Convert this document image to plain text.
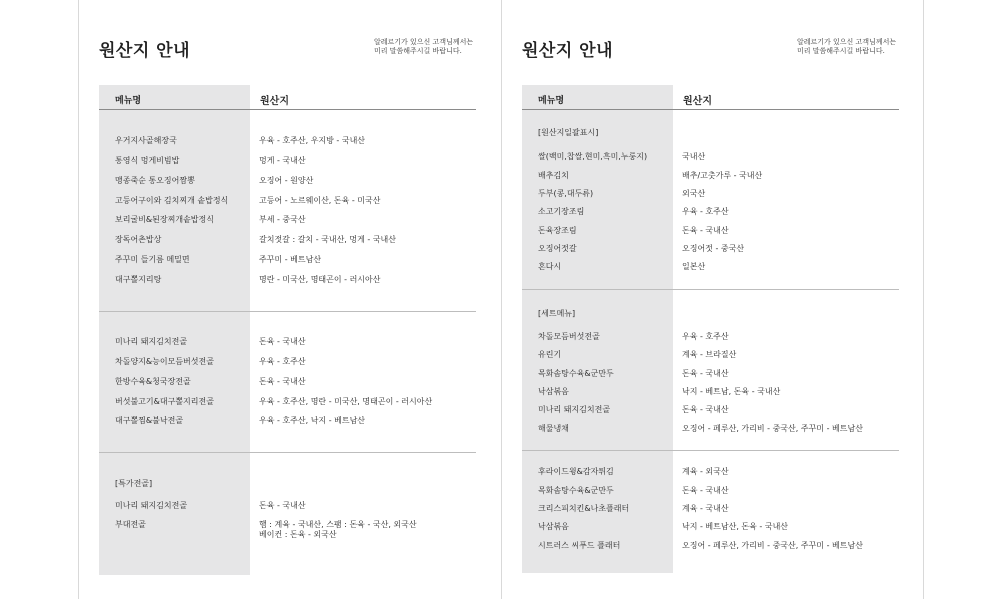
원산지 안내	알레르기가 있으신 고객님께서는
미리 말씀해주시길 바랍니다.
메뉴명	원산지
우거지사골해장국	우육 - 호주산, 우지방 - 국내산
통영식 멍게비빔밥	멍게 - 국내산
맹종죽순 통오징어짬뽕	오징어 - 원양산
고등어구이와 김치찌개 솥밥정식	고등어 - 노르웨이산, 돈육 - 미국산
보리굴비&된장찌개솥밥정식	부세 - 중국산
장독어촌밥상	갈치젓갈 : 갈치 - 국내산, 멍게 - 국내산
주꾸미 들기름 메밀면	주꾸미 - 베트남산
대구뽈지리탕	명란 - 미국산, 명태곤이 - 러시아산
미나리 돼지김치전골	돈육 - 국내산
차돌양지&능이모듬버섯전골	우육 - 호주산
한방수육&청국장전골	돈육 - 국내산
버섯불고기&대구뽈지리전골	우육 - 호주산, 명란 - 미국산, 명태곤이 - 러시아산
대구뽈찜&불낙전골	우육 - 호주산, 낙지 - 베트남산
[특가전골]
미나리 돼지김치전골	돈육 - 국내산
부대전골	햄 : 계육 - 국내산, 스팸 : 돈육 - 국산, 외국산
베이컨 : 돈육 - 외국산
원산지 안내	알레르기가 있으신 고객님께서는
미리 말씀해주시길 바랍니다.
메뉴명	원산지
[원산지일괄표시]
쌀(백미,찹쌀,현미,흑미,누룽지)	국내산
배추김치	배추/고춧가루 - 국내산
두부(콩,대두류)	외국산
소고기장조림	우육 - 호주산
돈육장조림	돈육 - 국내산
오징어젓갈	오징어젓 - 중국산
혼다시	일본산
[세트메뉴]
차돌모듬버섯전골	우육 - 호주산
유린기	계육 - 브라질산
목화솜탕수육&군만두	돈육 - 국내산
낙삼볶음	낙지 - 베트남, 돈육 - 국내산
미나리 돼지김치전골	돈육 - 국내산
해물냉채	오징어 - 페루산, 가리비 - 중국산, 주꾸미 - 베트남산
후라이드윙&감자튀김	계육 - 외국산
목화솜탕수육&군만두	돈육 - 국내산
크리스피치킨&나초플래터	계육 - 국내산
낙삼볶음	낙지 - 베트남산, 돈육 - 국내산
시트러스 씨푸드 플래터	오징어 - 페루산, 가리비 - 중국산, 주꾸미 - 베트남산
